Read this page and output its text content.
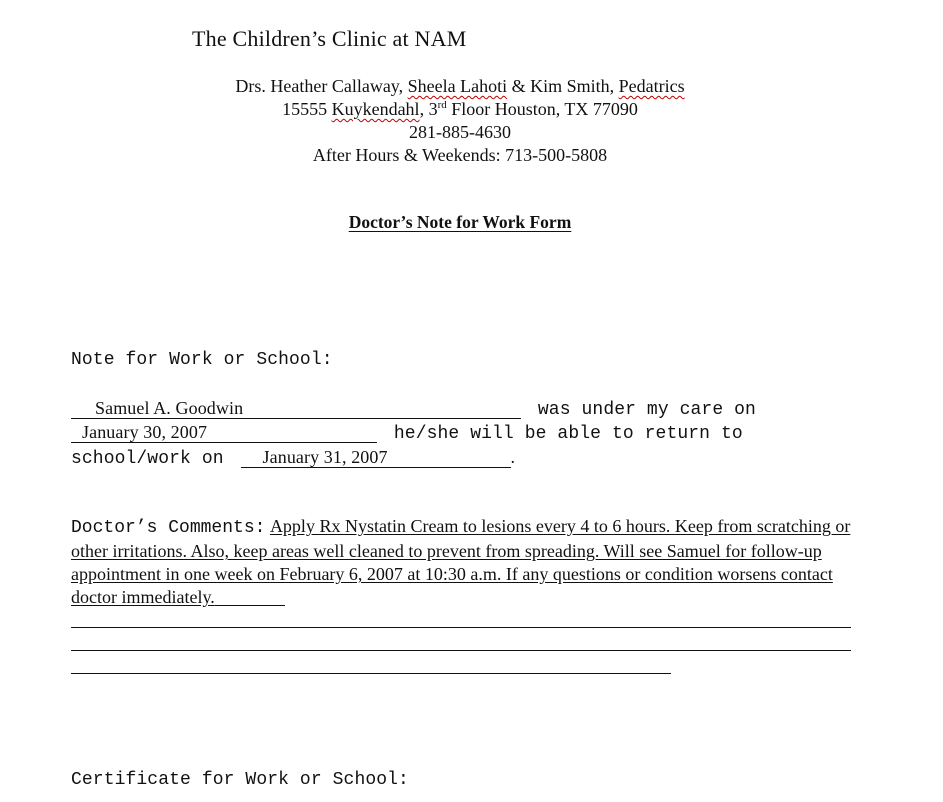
The Children’s Clinic at NAM
Drs. Heather Callaway, Sheela Lahoti & Kim Smith, Pedatrics
15555 Kuykendahl, 3rd Floor Houston, TX 77090
281-885-4630
After Hours & Weekends: 713-500-5808
Doctor’s Note for Work Form
Note for Work or School:
Samuel A. Goodwin	was under my care on
January 30, 2007	he/she will be able to return to
school/work on January 31, 2007	.
Doctor’s Comments: Apply Rx Nystatin Cream to lesions every 4 to 6 hours. Keep from scratching or other irritations. Also, keep areas well cleaned to prevent from spreading. Will see Samuel for follow-up appointment in one week on February 6, 2007 at 10:30 a.m. If any questions or condition worsens contact doctor immediately.
Certificate for Work or School:
